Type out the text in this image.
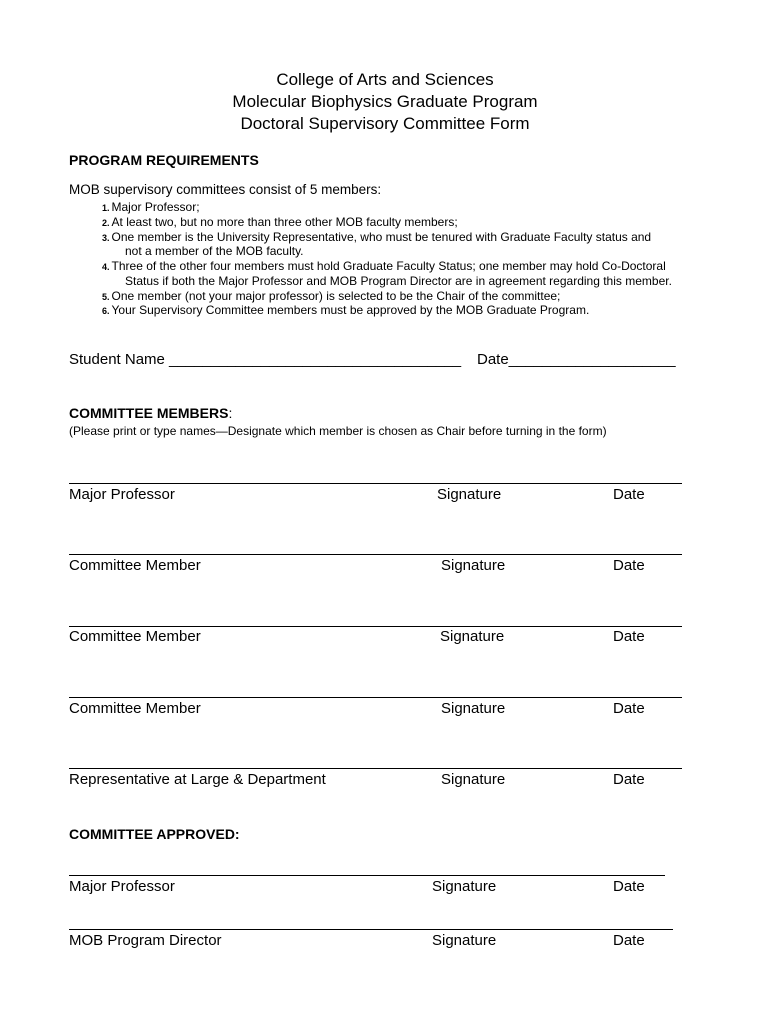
College of Arts and Sciences
Molecular Biophysics Graduate Program
Doctoral Supervisory Committee Form
PROGRAM REQUIREMENTS
MOB supervisory committees consist of 5 members:
1. Major Professor;
2. At least two, but no more than three other MOB faculty members;
3. One member is the University Representative, who must be tenured with Graduate Faculty status and
not a member of the MOB faculty.
4. Three of the other four members must hold Graduate Faculty Status; one member may hold Co-Doctoral
Status if both the Major Professor and MOB Program Director are in agreement regarding this member.
5. One member (not your major professor) is selected to be the Chair of the committee;
6. Your Supervisory Committee members must be approved by the MOB Graduate Program.
Student Name ___________________________________ Date____________________
COMMITTEE MEMBERS:
(Please print or type names—Designate which member is chosen as Chair before turning in the form)
Major Professor	Signature	Date
Committee Member	Signature	Date
Committee Member	Signature	Date
Committee Member	Signature	Date
Representative at Large & Department	Signature	Date
COMMITTEE APPROVED:
Major Professor	Signature	Date
MOB Program Director	Signature	Date
